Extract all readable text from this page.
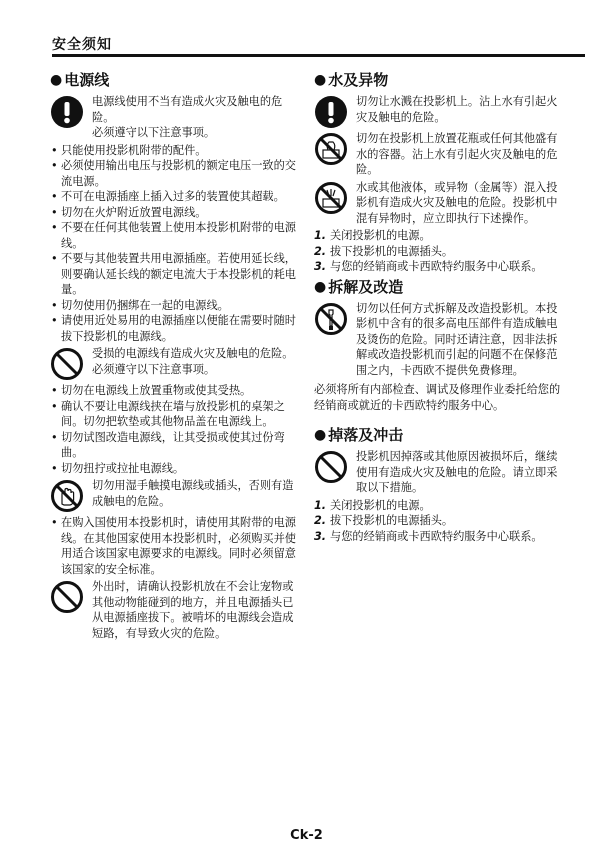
安全须知
● 电源线

电源线使用不当有造成火灾及触电的危险。

必须遵守以下注意事项。

• 只能使用投影机附带的配件。
• 必须使用输出电压与投影机的额定电压一致的交流电源。
• 不可在电源插座上插入过多的装置使其超载。
• 切勿在火炉附近放置电源线。
• 不要在任何其他装置上使用本投影机附带的电源线。
• 不要与其他装置共用电源插座。若使用延长线，则要确认延长线的额定电流大于本投影机的耗电量。
• 切勿使用仍捆绑在一起的电源线。
• 请使用近处易用的电源插座以便能在需要时随时拔下投影机的电源线。

受损的电源线有造成火灾及触电的危险。

必须遵守以下注意事项。

• 切勿在电源线上放置重物或使其受热。
• 确认不要让电源线挟在墙与放投影机的桌架之间。切勿把软垫或其他物品盖在电源线上。
• 切勿试图改造电源线，让其受损或使其过份弯曲。
• 切勿扭拧或拉扯电源线。

切勿用湿手触摸电源线或插头，否则有造成触电的危险。

• 在购入国使用本投影机时，请使用其附带的电源线。在其他国家使用本投影机时，必须购买并使用适合该国家电源要求的电源线。同时必须留意该国家的安全标准。

外出时，请确认投影机放在不会让宠物或其他动物能碰到的地方，并且电源插头已从电源插座拔下。被啃坏的电源线会造成短路，有导致火灾的危险。

● 水及异物

切勿让水溅在投影机上。沾上水有引起火灾及触电的危险。

切勿在投影机上放置花瓶或任何其他盛有水的容器。沾上水有引起火灾及触电的危险。

水或其他液体，或异物（金属等）混入投影机有造成火灾及触电的危险。投影机中混有异物时，应立即执行下述操作。

1. 关闭投影机的电源。
2. 拔下投影机的电源插头。
3. 与您的经销商或卡西欧特约服务中心联系。
● 拆解及改造

切勿以任何方式拆解及改造投影机。本投影机中含有的很多高电压部件有造成触电及烫伤的危险。同时还请注意，因非法拆解或改造投影机而引起的问题不在保修范围之内，卡西欧不提供免费修理。

必须将所有内部检查、调试及修理作业委托给您的经销商或就近的卡西欧特约服务中心。

● 掉落及冲击

投影机因掉落或其他原因被损坏后，继续使用有造成火灾及触电的危险。请立即采取以下措施。

1. 关闭投影机的电源。
2. 拔下投影机的电源插头。
3. 与您的经销商或卡西欧特约服务中心联系。
Ck-2
